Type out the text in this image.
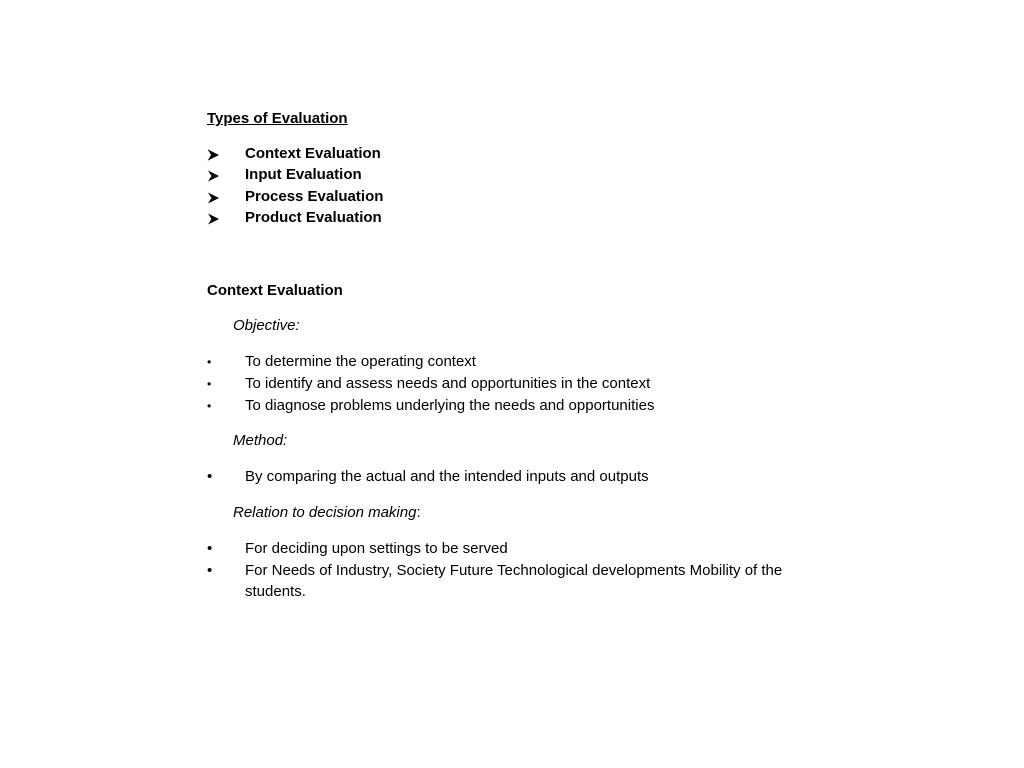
Types of Evaluation
Context Evaluation
Input Evaluation
Process Evaluation
Product Evaluation
Context Evaluation
Objective:
• To determine the operating context
• To identify and assess needs and opportunities in the context
• To diagnose problems underlying the needs and opportunities
Method:
• By comparing the actual and the intended inputs and outputs
Relation to decision making:
• For deciding upon settings to be served
• For Needs of Industry, Society Future Technological developments Mobility of the
students.
